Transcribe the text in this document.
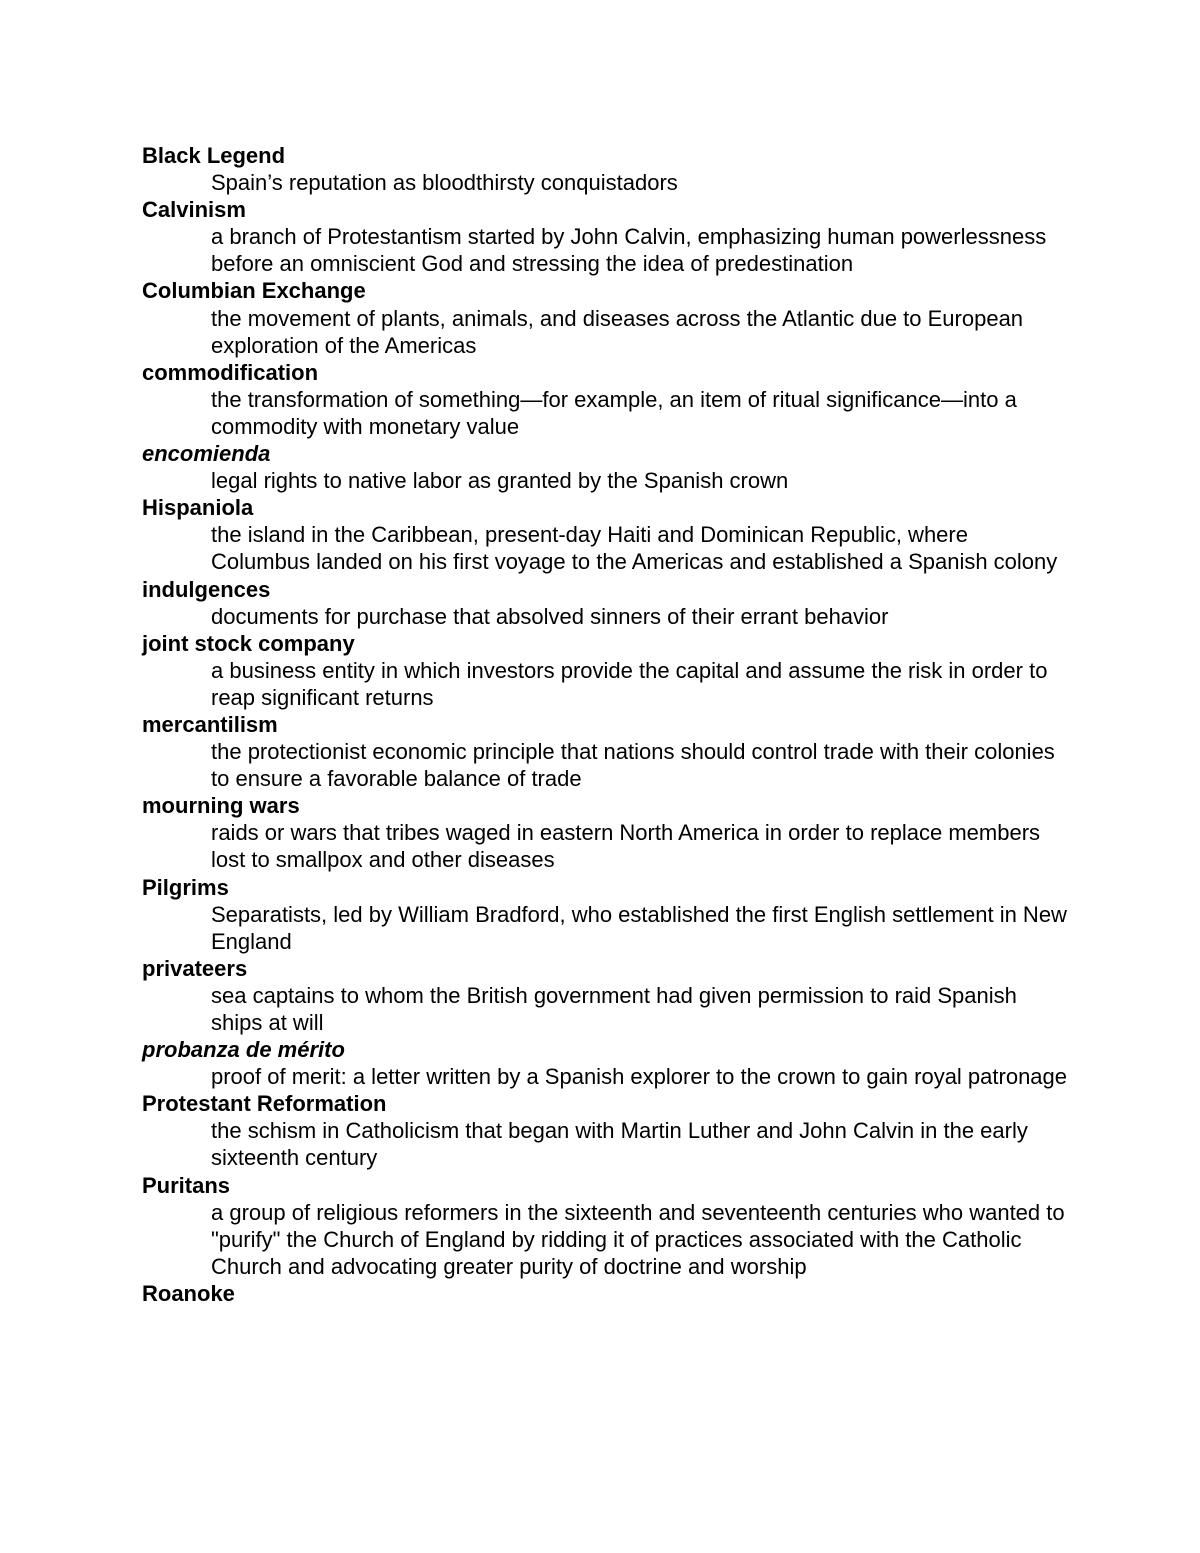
Black Legend
Spain’s reputation as bloodthirsty conquistadors
Calvinism
a branch of Protestantism started by John Calvin, emphasizing human powerlessness before an omniscient God and stressing the idea of predestination
Columbian Exchange
the movement of plants, animals, and diseases across the Atlantic due to European exploration of the Americas
commodification
the transformation of something—for example, an item of ritual significance—into a commodity with monetary value
encomienda
legal rights to native labor as granted by the Spanish crown
Hispaniola
the island in the Caribbean, present-day Haiti and Dominican Republic, where Columbus landed on his first voyage to the Americas and established a Spanish colony
indulgences
documents for purchase that absolved sinners of their errant behavior
joint stock company
a business entity in which investors provide the capital and assume the risk in order to reap significant returns
mercantilism
the protectionist economic principle that nations should control trade with their colonies to ensure a favorable balance of trade
mourning wars
raids or wars that tribes waged in eastern North America in order to replace members lost to smallpox and other diseases
Pilgrims
Separatists, led by William Bradford, who established the first English settlement in New England
privateers
sea captains to whom the British government had given permission to raid Spanish ships at will
probanza de mérito
proof of merit: a letter written by a Spanish explorer to the crown to gain royal patronage
Protestant Reformation
the schism in Catholicism that began with Martin Luther and John Calvin in the early sixteenth century
Puritans
a group of religious reformers in the sixteenth and seventeenth centuries who wanted to "purify" the Church of England by ridding it of practices associated with the Catholic Church and advocating greater purity of doctrine and worship
Roanoke
